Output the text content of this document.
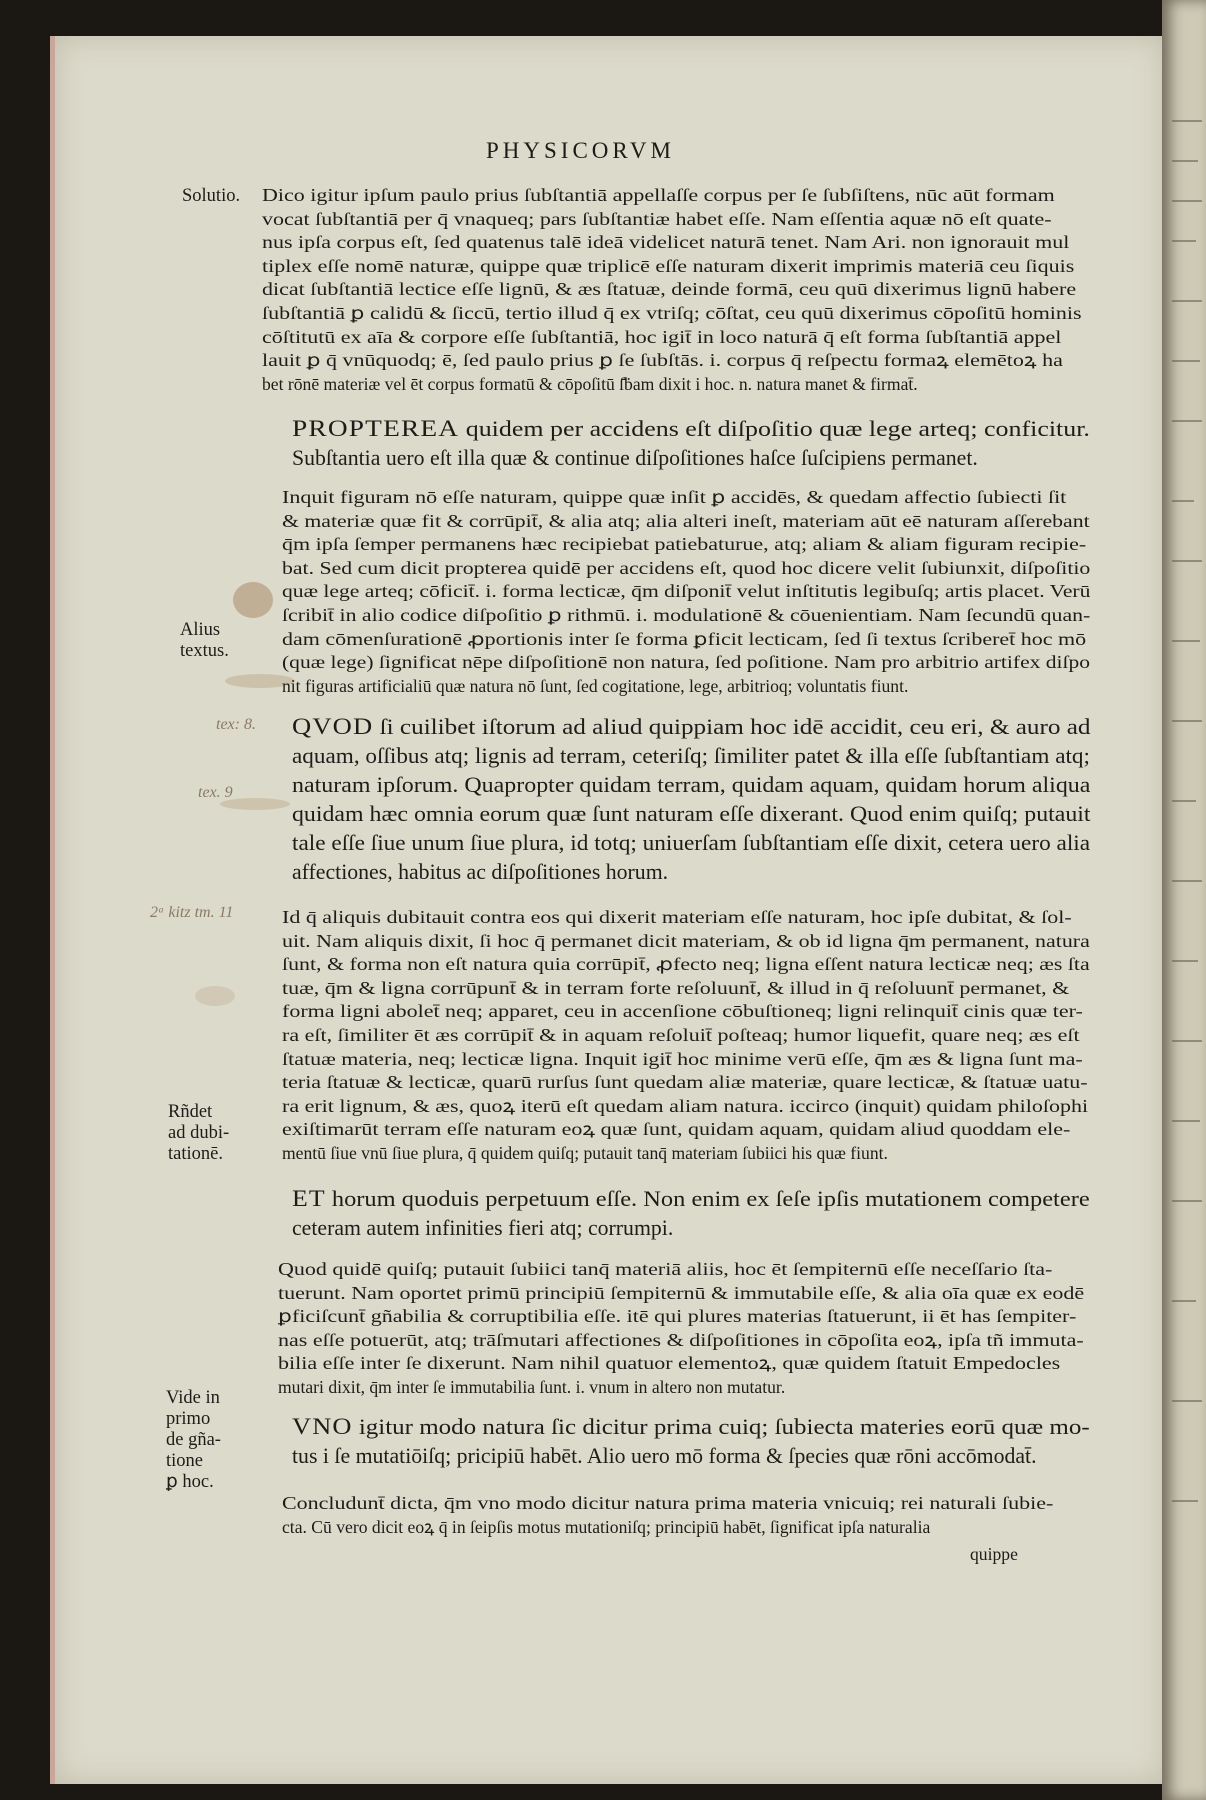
PHYSICORVM
Solutio.
Alius
textus.
Rñdet
ad dubi-
tationē.
Vide in
primo
de gña-
tione
ꝑ hoc.
tex: 8.
tex. 9
2ᵃ kitz tm. 11
Dico igitur ipſum paulo prius ſubſtantiā appellaſſe corpus per ſe ſubſiſtens, nūc aūt formam
vocat ſubſtantiā per q̄ vnaqueq; pars ſubſtantiæ habet eſſe. Nam eſſentia aquæ nō eſt quate-
nus ipſa corpus eſt, ſed quatenus talē ideā videlicet naturā tenet. Nam Ari. non ignorauit mul
tiplex eſſe nomē naturæ, quippe quæ triplicē eſſe naturam dixerit imprimis materiā ceu ſiquis
dicat ſubſtantiā lectice eſſe lignū, & æs ſtatuæ, deinde formā, ceu quū dixerimus lignū habere
ſubſtantiā ꝑ calidū & ſiccū, tertio illud q̄ ex vtriſq; cōſtat, ceu quū dixerimus cōpoſitū hominis
cōſtitutū ex aīa & corpore eſſe ſubſtantiā, hoc igit̄ in loco naturā q̄ eſt forma ſubſtantiā appel
lauit ꝑ q̄ vnūquodq; ē, ſed paulo prius ꝑ ſe ſubſtās. i. corpus q̄ reſpectu formaꝝ elemētoꝝ ha
bet rōnē materiæ vel ēt corpus formatū & cōpoſitū ſ̄ḃam dixit i hoc. n. natura manet & firmat̄.
PROPTEREA quidem per accidens eſt diſpoſitio quæ lege arteq; conficitur.
Subſtantia uero eſt illa quæ & continue diſpoſitiones haſce ſuſcipiens permanet.
Inquit figuram nō eſſe naturam, quippe quæ inſit ꝑ accidēs, & quedam affectio ſubiecti ſit
& materiæ quæ fit & corrūpit̄, & alia atq; alia alteri ineſt, materiam aūt eē naturam aſſerebant
q̄m ipſa ſemper permanens hæc recipiebat patiebaturue, atq; aliam & aliam figuram recipie-
bat. Sed cum dicit propterea quidē per accidens eſt, quod hoc dicere velit ſubiunxit, diſpoſitio
quæ lege arteq; cōficit̄. i. forma lecticæ, q̄m diſponit̄ velut inſtitutis legibuſq; artis placet. Verū
ſcribit̄ in alio codice diſpoſitio ꝑ rithmū. i. modulationē & cōuenientiam. Nam ſecundū quan-
dam cōmenſurationē ꝓportionis inter ſe forma ꝑficit lecticam, ſed ſi textus ſcriberet̄ hoc mō
(quæ lege) ſignificat nēpe diſpoſitionē non natura, ſed poſitione. Nam pro arbitrio artifex diſpo
nit figuras artificialiū quæ natura nō ſunt, ſed cogitatione, lege, arbitrioq; voluntatis fiunt.
QVOD ſi cuilibet iſtorum ad aliud quippiam hoc idē accidit, ceu eri, & auro ad
aquam, oſſibus atq; lignis ad terram, ceteriſq; ſimiliter patet & illa eſſe ſubſtantiam atq;
naturam ipſorum. Quapropter quidam terram, quidam aquam, quidam horum aliqua
quidam hæc omnia eorum quæ ſunt naturam eſſe dixerant. Quod enim quiſq; putauit
tale eſſe ſiue unum ſiue plura, id totq; uniuerſam ſubſtantiam eſſe dixit, cetera uero alia
affectiones, habitus ac diſpoſitiones horum.
Id q̄ aliquis dubitauit contra eos qui dixerit materiam eſſe naturam, hoc ipſe dubitat, & ſol-
uit. Nam aliquis dixit, ſi hoc q̄ permanet dicit materiam, & ob id ligna q̄m permanent, natura
ſunt, & forma non eſt natura quia corrūpit̄, ꝓfecto neq; ligna eſſent natura lecticæ neq; æs ſta
tuæ, q̄m & ligna corrūpunt̄ & in terram forte reſoluunt̄, & illud in q̄ reſoluunt̄ permanet, &
forma ligni abolet̄ neq; apparet, ceu in accenſione cōbuſtioneq; ligni relinquit̄ cinis quæ ter-
ra eſt, ſimiliter ēt æs corrūpit̄ & in aquam reſoluit̄ poſteaq; humor liquefit, quare neq; æs eſt
ſtatuæ materia, neq; lecticæ ligna. Inquit igit̄ hoc minime verū eſſe, q̄m æs & ligna ſunt ma-
teria ſtatuæ & lecticæ, quarū rurſus ſunt quedam aliæ materiæ, quare lecticæ, & ſtatuæ uatu-
ra erit lignum, & æs, quoꝝ iterū eſt quedam aliam natura. iccirco (inquit) quidam philoſophi
exiſtimarūt terram eſſe naturam eoꝝ quæ ſunt, quidam aquam, quidam aliud quoddam ele-
mentū ſiue vnū ſiue plura, q̄ quidem quiſq; putauit tanq̄ materiam ſubiici his quæ fiunt.
ET horum quoduis perpetuum eſſe. Non enim ex ſeſe ipſis mutationem competere
ceteram autem infinities fieri atq; corrumpi.
Quod quidē quiſq; putauit ſubiici tanq̄ materiā aliis, hoc ēt ſempiternū eſſe neceſſario ſta-
tuerunt. Nam oportet primū principiū ſempiternū & immutabile eſſe, & alia oīa quæ ex eodē
ꝑficiſcunt̄ gñabilia & corruptibilia eſſe. itē qui plures materias ſtatuerunt, ii ēt has ſempiter-
nas eſſe potuerūt, atq; trāſmutari affectiones & diſpoſitiones in cōpoſita eoꝝ, ipſa tñ immuta-
bilia eſſe inter ſe dixerunt. Nam nihil quatuor elementoꝝ, quæ quidem ſtatuit Empedocles
mutari dixit, q̄m inter ſe immutabilia ſunt. i. vnum in altero non mutatur.
VNO igitur modo natura ſic dicitur prima cuiq; ſubiecta materies eorū quæ mo-
tus i ſe mutatiōiſq; pricipiū habēt. Alio uero mō forma & ſpecies quæ rōni accōmodat̄.
Concludunt̄ dicta, q̄m vno modo dicitur natura prima materia vnicuiq; rei naturali ſubie-
cta. Cū vero dicit eoꝝ q̄ in ſeipſis motus mutationiſq; principiū habēt, ſignificat ipſa naturalia
quippe
